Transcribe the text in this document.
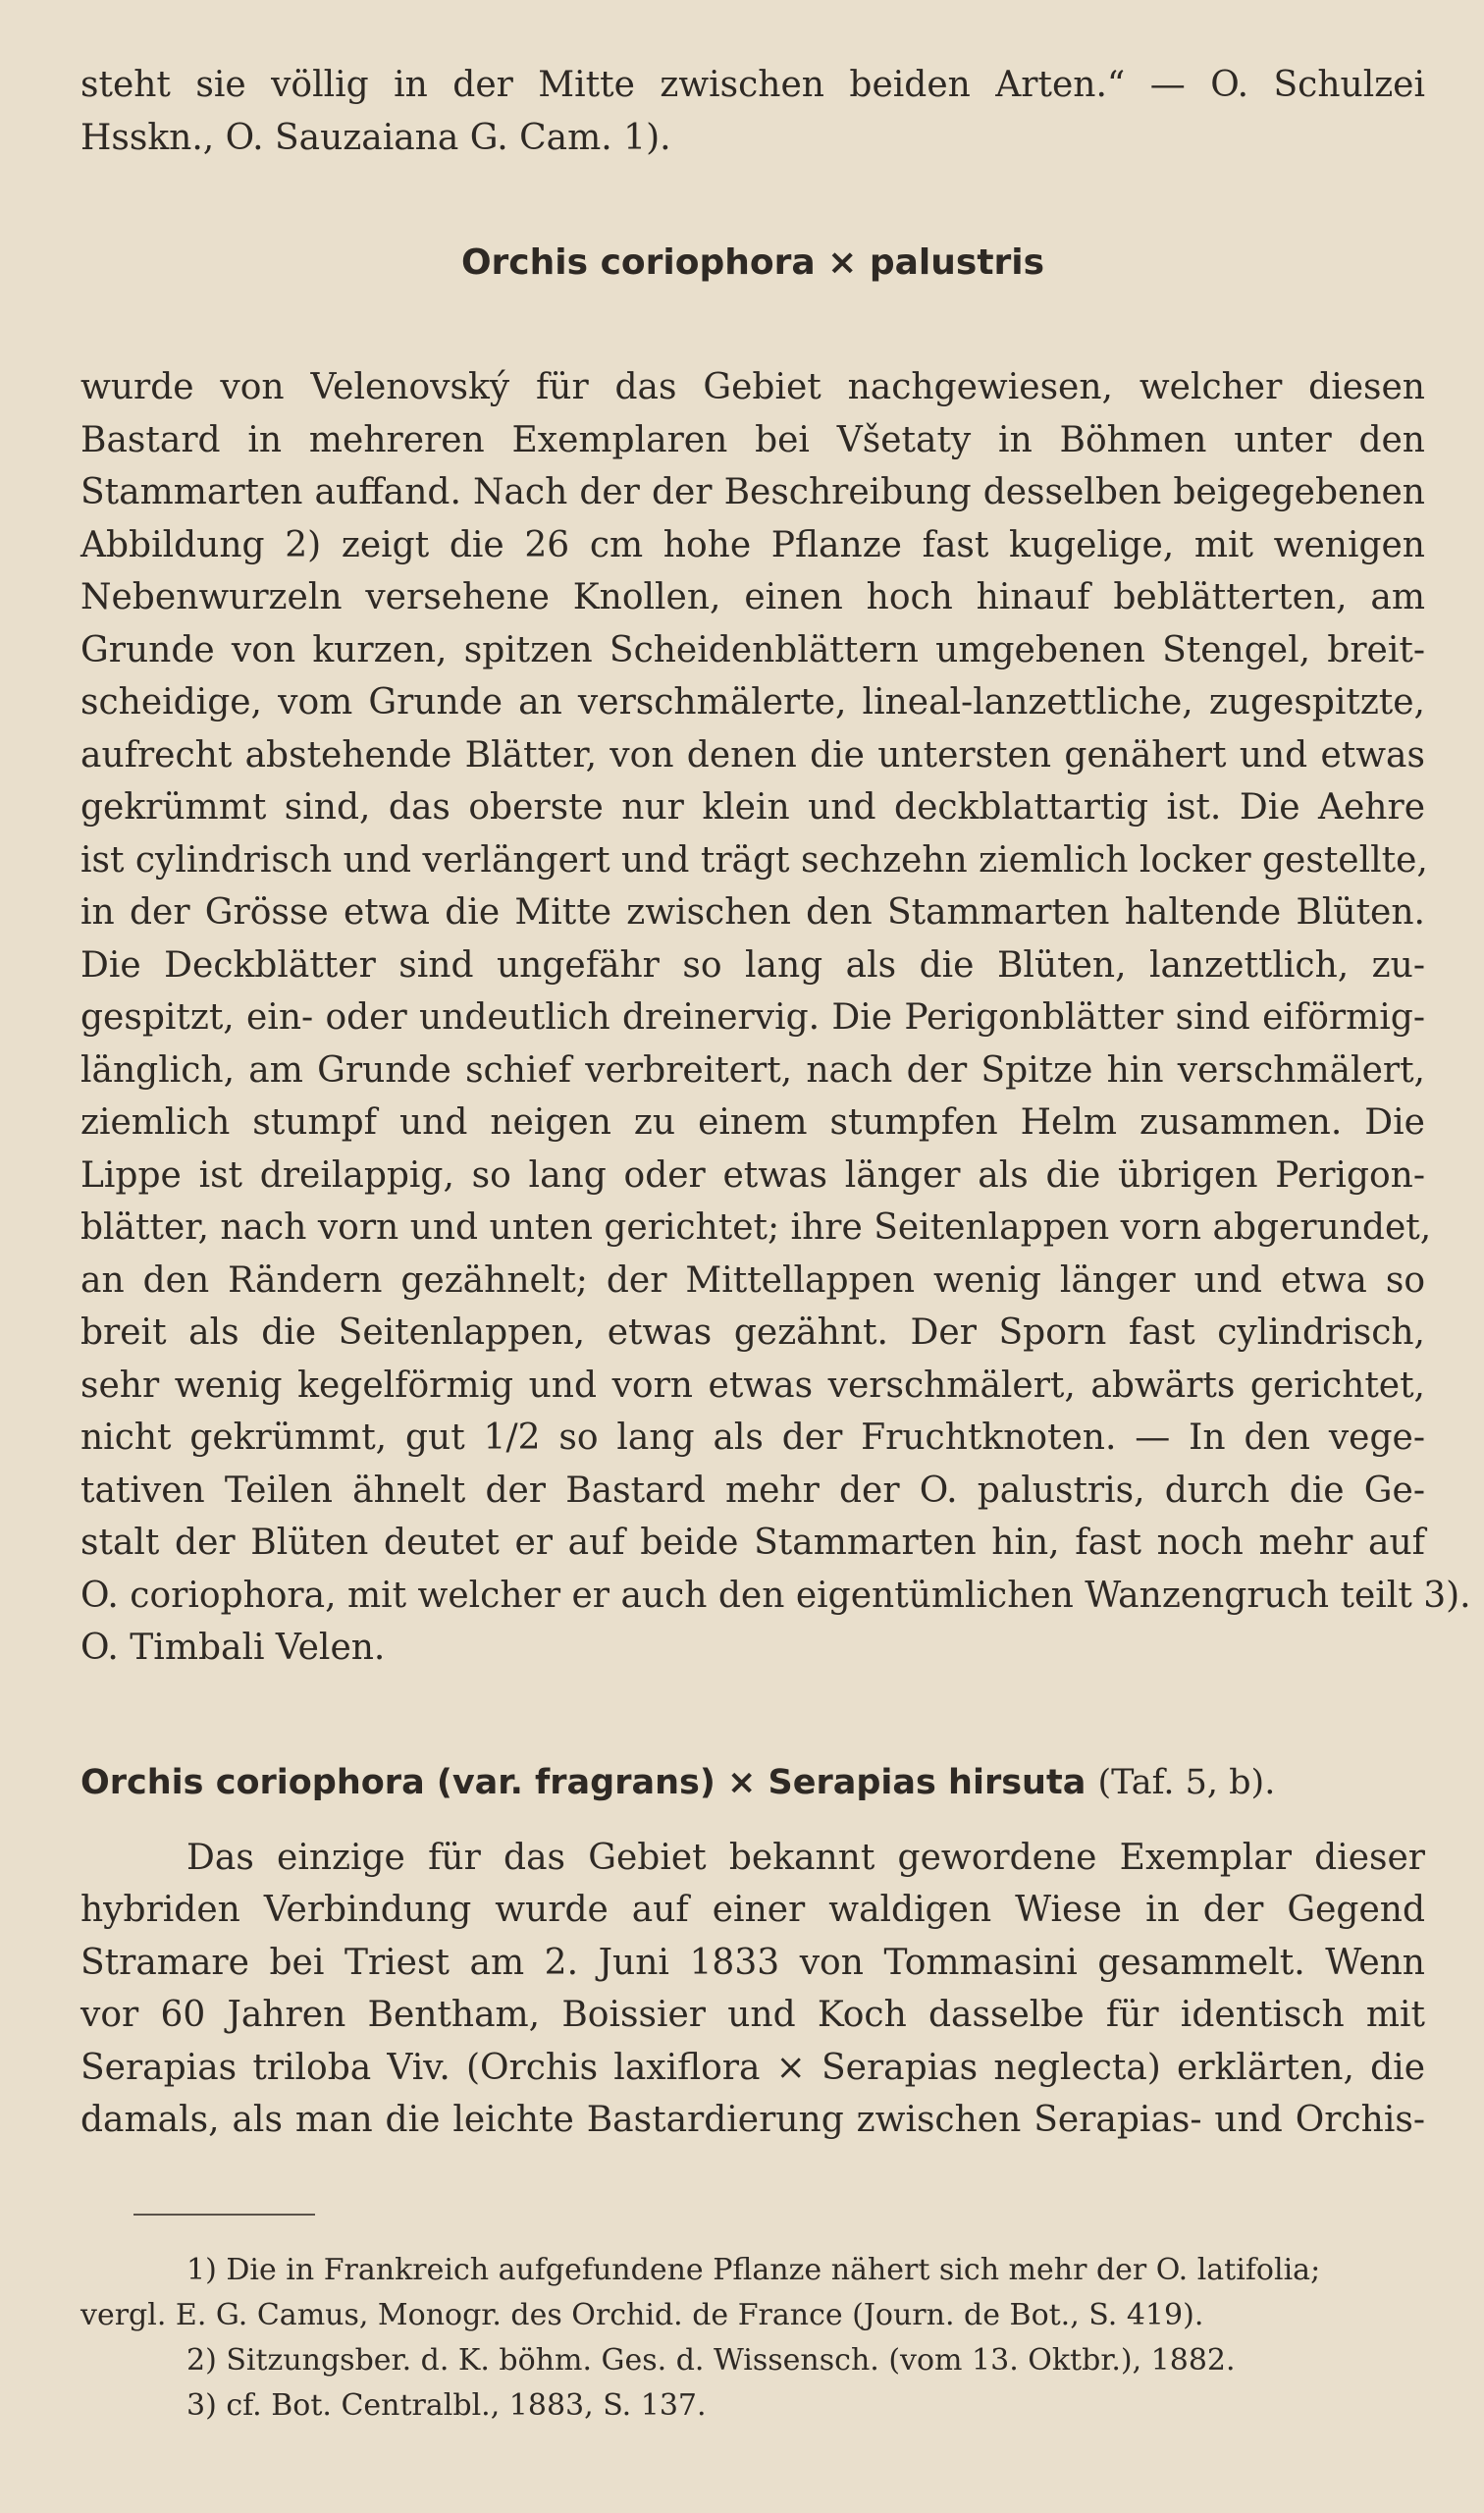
steht sie völlig in der Mitte zwischen beiden Arten.“ — O. Schulzei
Hsskn., O. Sauzaiana G. Cam. 1).
Orchis coriophora × palustris
wurde von Velenovský für das Gebiet nachgewiesen, welcher diesen
Bastard in mehreren Exemplaren bei Všetaty in Böhmen unter den
Stammarten auffand. Nach der der Beschreibung desselben beigegebenen
Abbildung 2) zeigt die 26 cm hohe Pflanze fast kugelige, mit wenigen
Nebenwurzeln versehene Knollen, einen hoch hinauf beblätterten, am
Grunde von kurzen, spitzen Scheidenblättern umgebenen Stengel, breit-
scheidige, vom Grunde an verschmälerte, lineal-lanzettliche, zugespitzte,
aufrecht abstehende Blätter, von denen die untersten genähert und etwas
gekrümmt sind, das oberste nur klein und deckblattartig ist. Die Aehre
ist cylindrisch und verlängert und trägt sechzehn ziemlich locker gestellte,
in der Grösse etwa die Mitte zwischen den Stammarten haltende Blüten.
Die Deckblätter sind ungefähr so lang als die Blüten, lanzettlich, zu-
gespitzt, ein- oder undeutlich dreinervig. Die Perigonblätter sind eiförmig-
länglich, am Grunde schief verbreitert, nach der Spitze hin verschmälert,
ziemlich stumpf und neigen zu einem stumpfen Helm zusammen. Die
Lippe ist dreilappig, so lang oder etwas länger als die übrigen Perigon-
blätter, nach vorn und unten gerichtet; ihre Seitenlappen vorn abgerundet,
an den Rändern gezähnelt; der Mittellappen wenig länger und etwa so
breit als die Seitenlappen, etwas gezähnt. Der Sporn fast cylindrisch,
sehr wenig kegelförmig und vorn etwas verschmälert, abwärts gerichtet,
nicht gekrümmt, gut 1/2 so lang als der Fruchtknoten. — In den vege-
tativen Teilen ähnelt der Bastard mehr der O. palustris, durch die Ge-
stalt der Blüten deutet er auf beide Stammarten hin, fast noch mehr auf
O. coriophora, mit welcher er auch den eigentümlichen Wanzengruch teilt 3).
O. Timbali Velen.
Orchis coriophora (var. fragrans) × Serapias hirsuta (Taf. 5, b).
Das einzige für das Gebiet bekannt gewordene Exemplar dieser
hybriden Verbindung wurde auf einer waldigen Wiese in der Gegend
Stramare bei Triest am 2. Juni 1833 von Tommasini gesammelt. Wenn
vor 60 Jahren Bentham, Boissier und Koch dasselbe für identisch mit
Serapias triloba Viv. (Orchis laxiflora × Serapias neglecta) erklärten, die
damals, als man die leichte Bastardierung zwischen Serapias- und Orchis-
1) Die in Frankreich aufgefundene Pflanze nähert sich mehr der O. latifolia;
vergl. E. G. Camus, Monogr. des Orchid. de France (Journ. de Bot., S. 419).
2) Sitzungsber. d. K. böhm. Ges. d. Wissensch. (vom 13. Oktbr.), 1882.
3) cf. Bot. Centralbl., 1883, S. 137.
